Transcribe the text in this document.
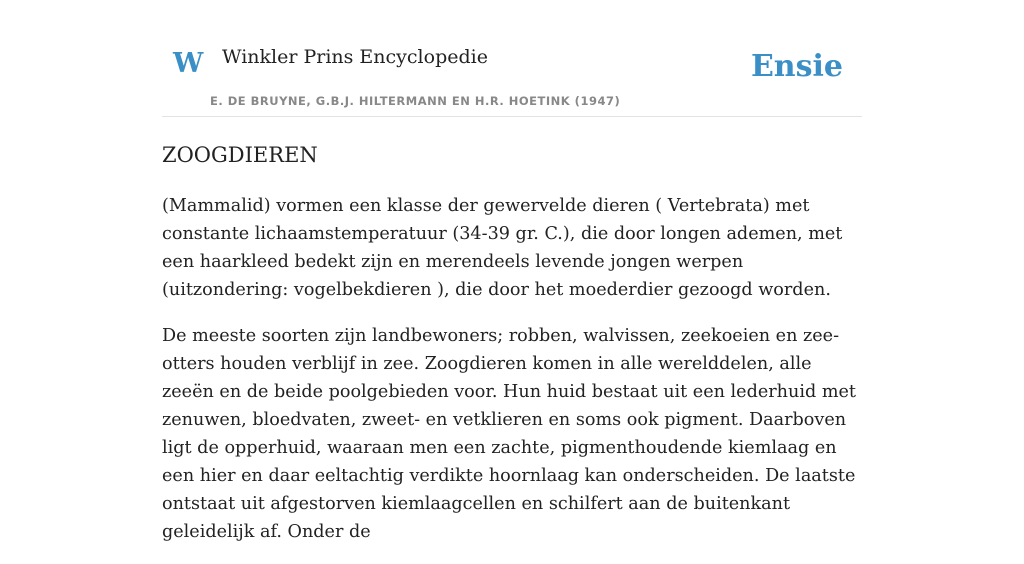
W Winkler Prins Encyclopedie
E. DE BRUYNE, G.B.J. HILTERMANN EN H.R. HOETINK (1947)
Ensie
ZOOGDIEREN

(Mammalid) vormen een klasse der gewervelde dieren ( Vertebrata) met constante lichaamstemperatuur (34-39 gr. C.), die door longen ademen, met een haarkleed bedekt zijn en merendeels levende jongen werpen (uitzondering: vogelbekdieren ), die door het moederdier gezoogd worden.

De meeste soorten zijn landbewoners; robben, walvissen, zeekoeien en zee-otters houden verblijf in zee. Zoogdieren komen in alle werelddelen, alle zeeën en de beide poolgebieden voor. Hun huid bestaat uit een lederhuid met zenuwen, bloedvaten, zweet- en vetklieren en soms ook pigment. Daarboven ligt de opperhuid, waaraan men een zachte, pigmenthoudende kiemlaag en een hier en daar eeltachtig verdikte hoornlaag kan onderscheiden. De laatste ontstaat uit afgestorven kiemlaagcellen en schilfert aan de buitenkant geleidelijk af. Onder de
